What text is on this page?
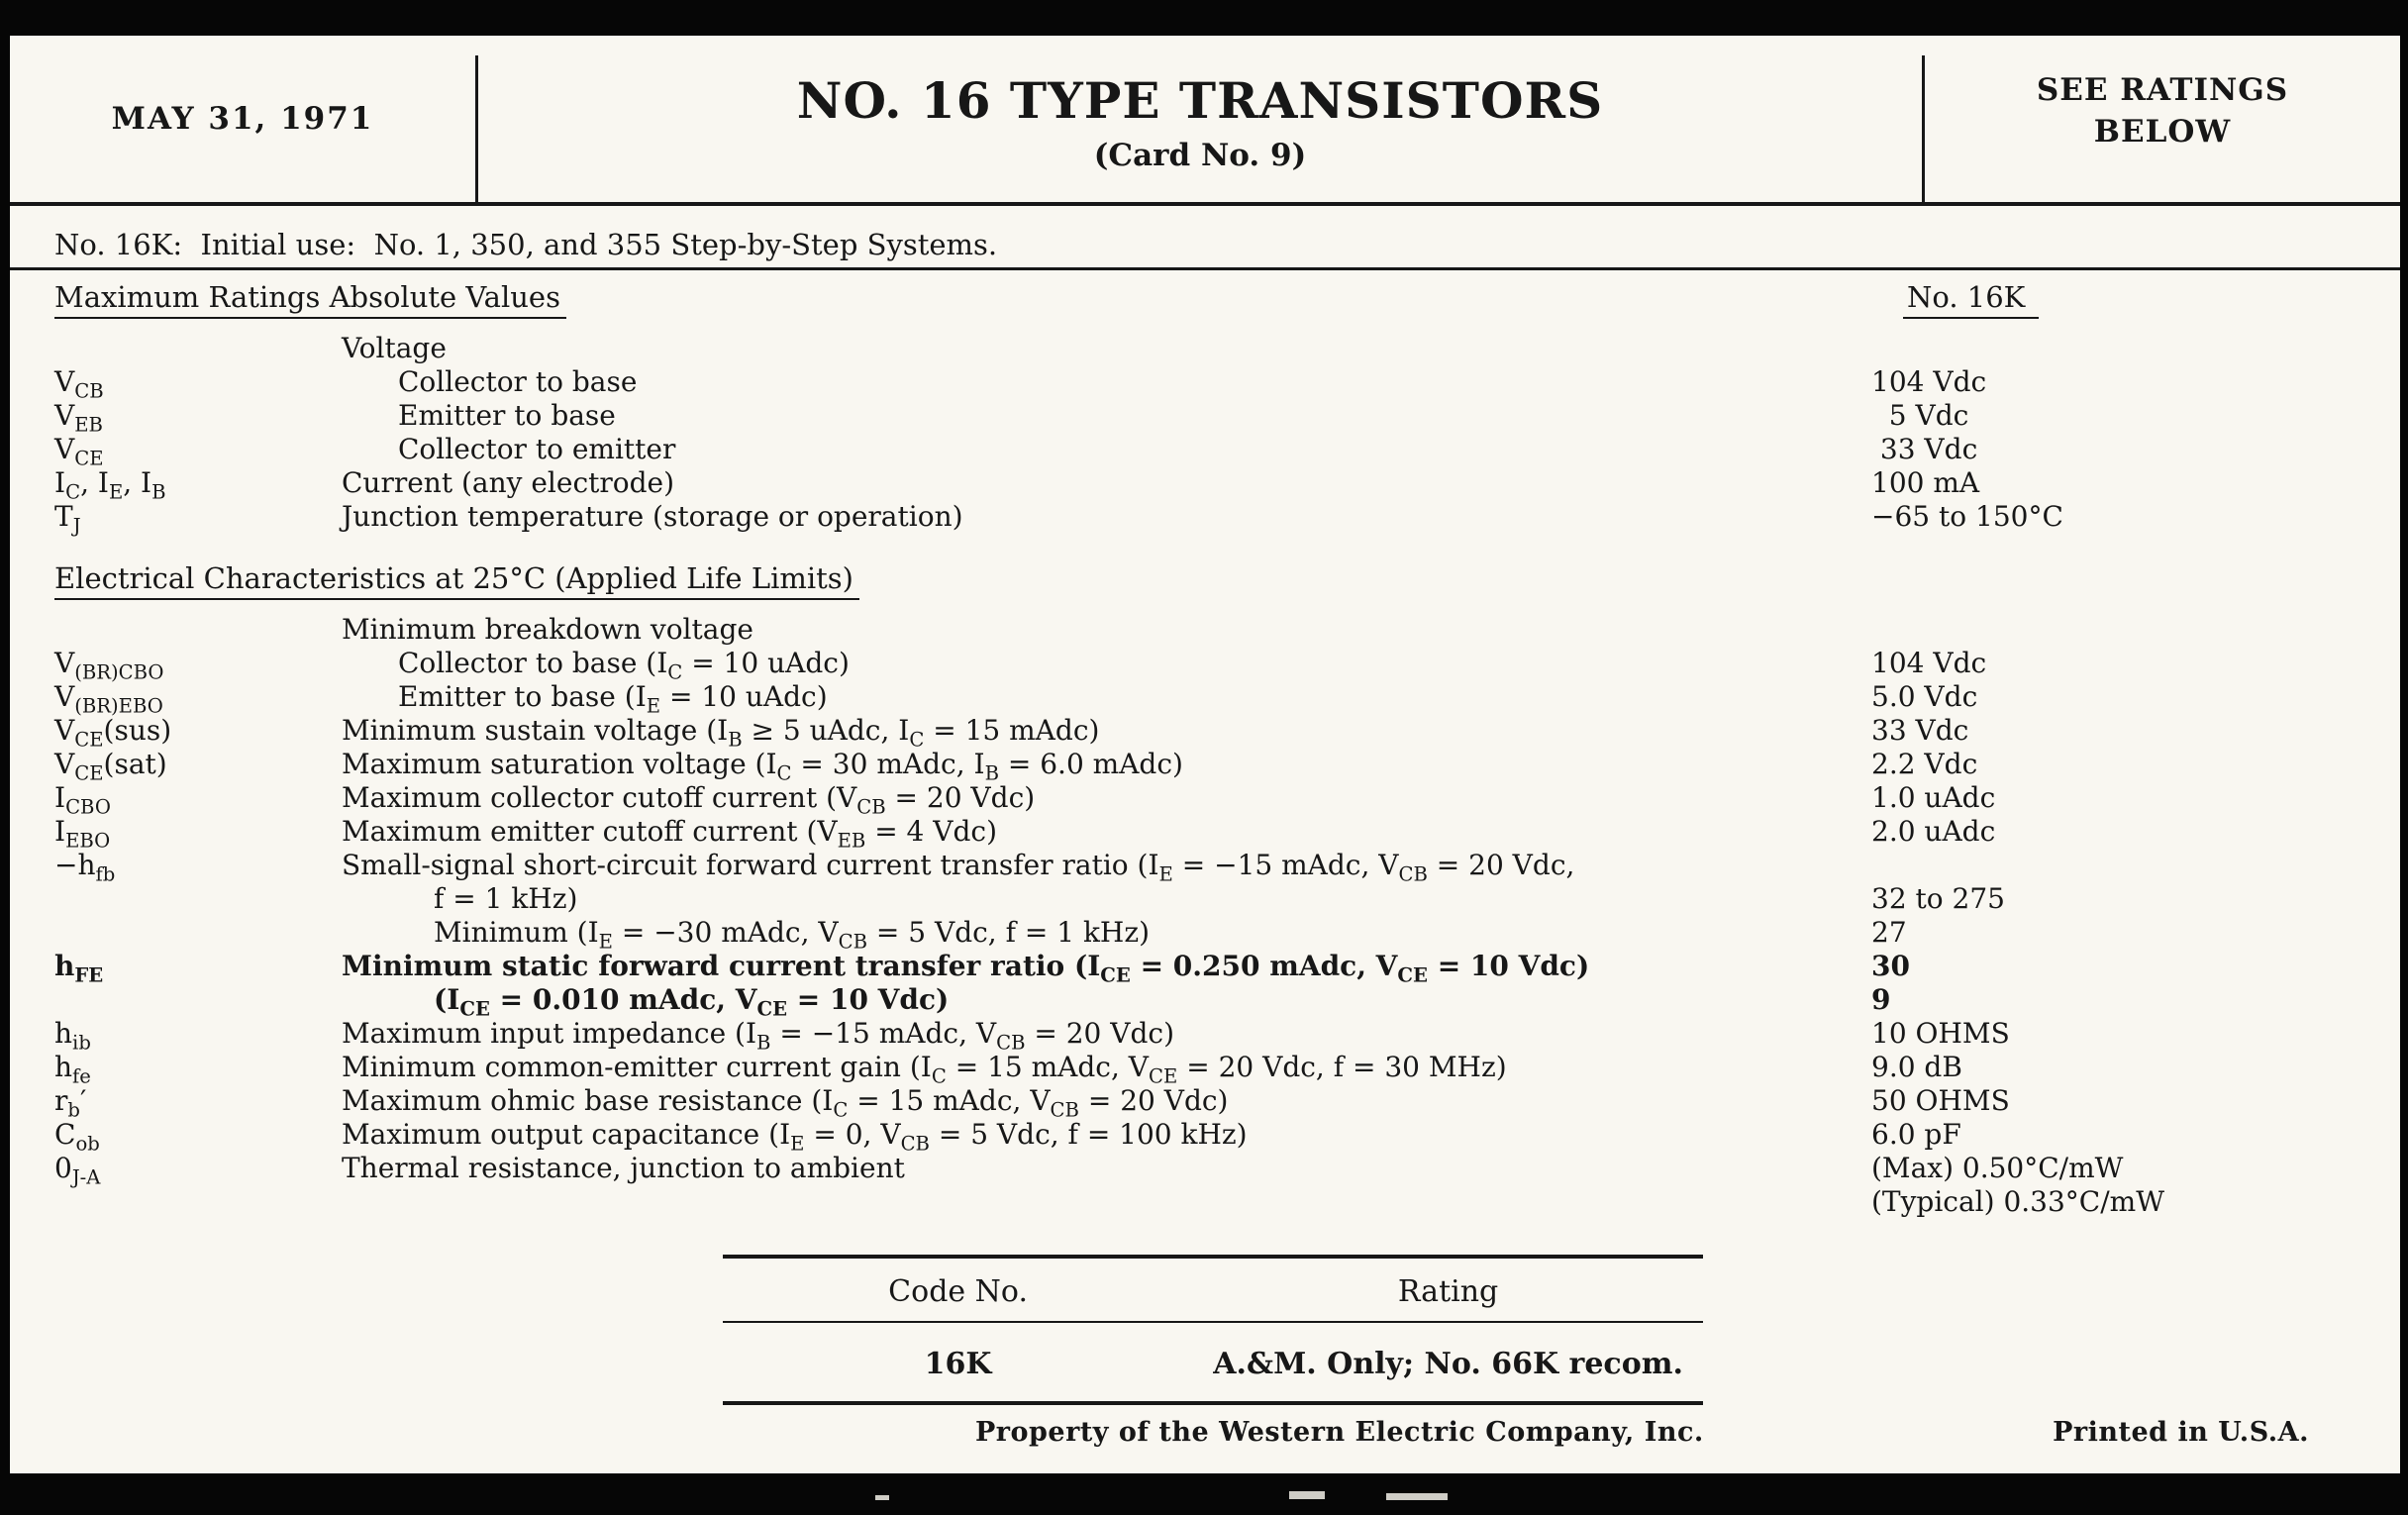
MAY 31, 1971	NO. 16 TYPE TRANSISTORS
(Card No. 9)
SEE RATINGS
BELOW
No. 16K:  Initial use:  No. 1, 350, and 355 Step-by-Step Systems.
Maximum Ratings Absolute Values	No. 16K
Voltage
$V_{CB}$	Collector to base	104 Vdc
$V_{EB}$	Emitter to base	5 Vdc
$V_{CE}$	Collector to emitter	33 Vdc
$I_C$, $I_E$, $I_B$	Current (any electrode)	100 mA
$T_J$	Junction temperature (storage or operation)	−65 to 150°C
Electrical Characteristics at 25°C (Applied Life Limits)
Minimum breakdown voltage
$V_{(BR)CBO}$	Collector to base ($I_C = 10$ uAdc)	104 Vdc
$V_{(BR)EBO}$	Emitter to base ($I_E = 10$ uAdc)	5.0 Vdc
$V_{CE}(sus)$	Minimum sustain voltage ($I_B \ge 5$ uAdc, $I_C = 15$ mAdc)	33 Vdc
$V_{CE}(sat)$	Maximum saturation voltage ($I_C = 30$ mAdc, $I_B = 6.0$ mAdc)	2.2 Vdc
$I_{CBO}$	Maximum collector cutoff current ($V_{CB} = 20$ Vdc)	1.0 uAdc
$I_{EBO}$	Maximum emitter cutoff current ($V_{EB} = 4$ Vdc)	2.0 uAdc
$-h_{fb}$	Small-signal short-circuit forward current transfer ratio ($I_E = -15$ mAdc, $V_{CB} = 20$ Vdc,
f = 1 kHz)	32 to 275
Minimum ($I_E = -30$ mAdc, $V_{CB} = 5$ Vdc, f = 1 kHz)	27
$h_{FE}$	Minimum static forward current transfer ratio ($I_{CE} = 0.250$ mAdc, $V_{CE} = 10$ Vdc)	30
($I_{CE} = 0.010$ mAdc, $V_{CE} = 10$ Vdc)	9
$h_{ib}$	Maximum input impedance ($I_B = -15$ mAdc, $V_{CB} = 20$ Vdc)	10 OHMS
$h_{fe}$	Minimum common-emitter current gain ($I_C = 15$ mAdc, $V_{CE} = 20$ Vdc, f = 30 MHz)	9.0 dB
$r_b'$	Maximum ohmic base resistance ($I_C = 15$ mAdc, $V_{CB} = 20$ Vdc)	50 OHMS
$C_{ob}$	Maximum output capacitance ($I_E = 0$, $V_{CB} = 5$ Vdc, f = 100 kHz)	6.0 pF
$0_{J-A}$	Thermal resistance, junction to ambient	(Max) 0.50°C/mW
(Typical) 0.33°C/mW
Code No.	Rating
16K	A.&M. Only; No. 66K recom.
Property of the Western Electric Company, Inc.	Printed in U.S.A.
